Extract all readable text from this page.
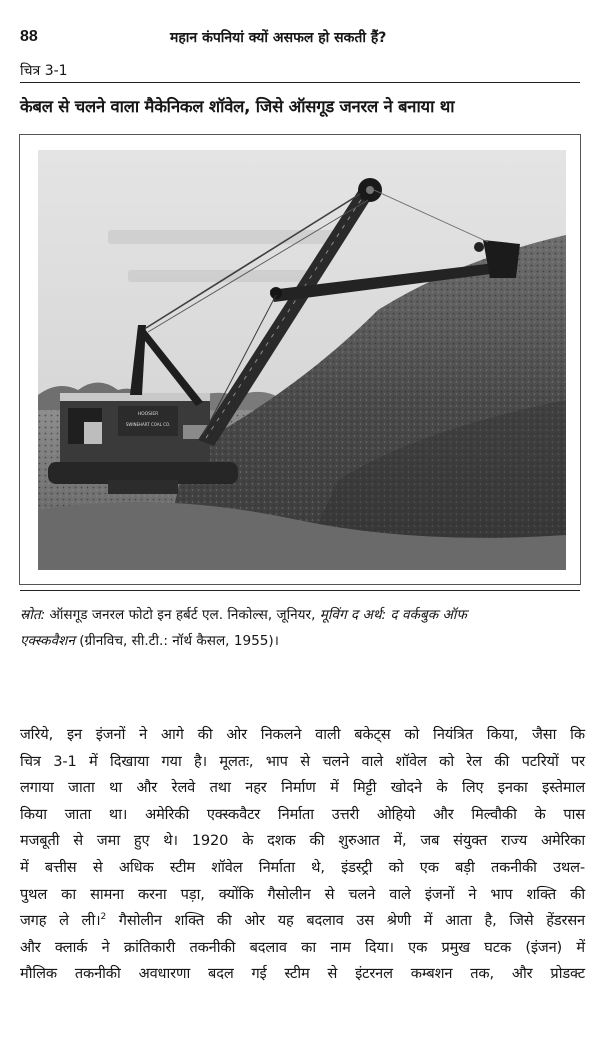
88	महान कंपनियां क्यों असफल हो सकती हैं?
चित्र 3-1
केबल से चलने वाला मैकेनिकल शॉवेल, जिसे ऑसगूड जनरल ने बनाया था
HOOSIER
SWINEHART COAL CO.
स्रोत: ऑसगूड जनरल फोटो इन हर्बर्ट एल. निकोल्स, जूनियर, मूविंग द अर्थ: द वर्कबुक ऑफ
एक्स्कवैशन (ग्रीनविच, सी.टी.: नॉर्थ कैसल, 1955)।
जरिये, इन इंजनों ने आगे की ओर निकलने वाली बकेट्स को नियंत्रित किया, जैसा कि
चित्र 3-1 में दिखाया गया है। मूलतः, भाप से चलने वाले शॉवेल को रेल की पटरियों पर
लगाया जाता था और रेलवे तथा नहर निर्माण में मिट्टी खोदने के लिए इनका इस्तेमाल
किया जाता था। अमेरिकी एक्स्कवैटर निर्माता उत्तरी ओहियो और मिल्वौकी के पास
मजबूती से जमा हुए थे। 1920 के दशक की शुरुआत में, जब संयुक्त राज्य अमेरिका
में बत्तीस से अधिक स्टीम शॉवेल निर्माता थे, इंडस्ट्री को एक बड़ी तकनीकी उथल-
पुथल का सामना करना पड़ा, क्योंकि गैसोलीन से चलने वाले इंजनों ने भाप शक्ति की
जगह ले ली।$^2$ गैसोलीन शक्ति की ओर यह बदलाव उस श्रेणी में आता है, जिसे हेंडरसन
और क्लार्क ने क्रांतिकारी तकनीकी बदलाव का नाम दिया। एक प्रमुख घटक (इंजन) में
मौलिक तकनीकी अवधारणा बदल गई स्टीम से इंटरनल कम्बशन तक, और प्रोडक्ट
